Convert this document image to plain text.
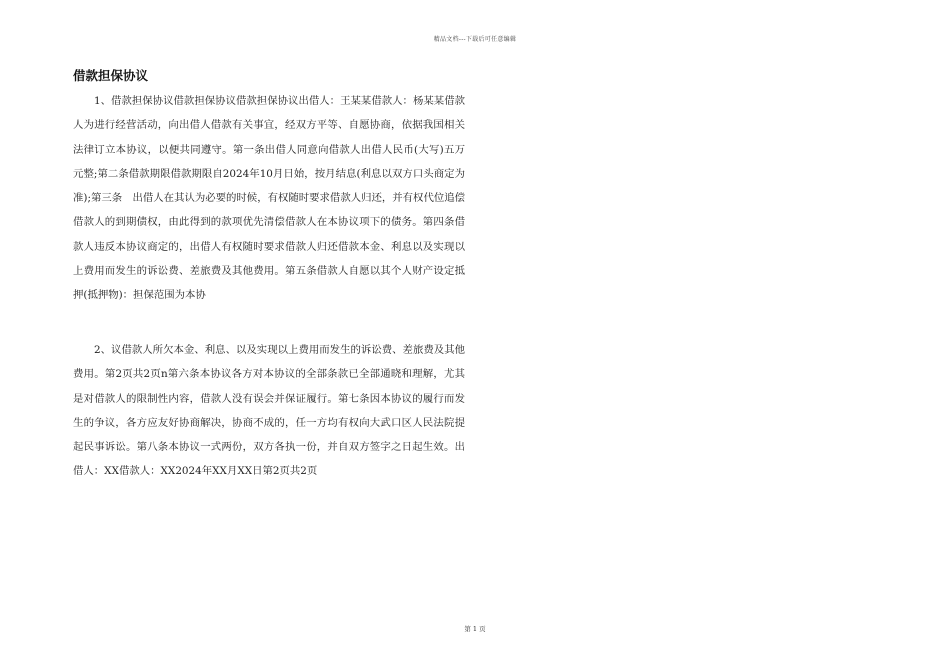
精品文档---下载后可任意编辑
借款担保协议

1、借款担保协议借款担保协议借款担保协议出借人：王某某借款人：杨某某借款人为进行经营活动，向出借人借款有关事宜，经双方平等、自愿协商，依据我国相关法律订立本协议，以便共同遵守。第一条出借人同意向借款人出借人民币(大写)五万元整;第二条借款期限借款期限自2024年10月日始，按月结息(利息以双方口头商定为准);第三条　出借人在其认为必要的时候，有权随时要求借款人归还，并有权代位追偿借款人的到期债权，由此得到的款项优先清偿借款人在本协议项下的债务。第四条借款人违反本协议商定的，出借人有权随时要求借款人归还借款本金、利息以及实现以上费用而发生的诉讼费、差旅费及其他费用。第五条借款人自愿以其个人财产设定抵押(抵押物)：担保范围为本协

2、议借款人所欠本金、利息、以及实现以上费用而发生的诉讼费、差旅费及其他费用。第2页共2页n第六条本协议各方对本协议的全部条款已全部通晓和理解，尤其是对借款人的限制性内容，借款人没有误会并保证履行。第七条因本协议的履行而发生的争议，各方应友好协商解决，协商不成的，任一方均有权向大武口区人民法院提起民事诉讼。第八条本协议一式两份，双方各执一份，并自双方签字之日起生效。出借人：XX借款人：XX2024年XX月XX日第2页共2页

第 1 页
